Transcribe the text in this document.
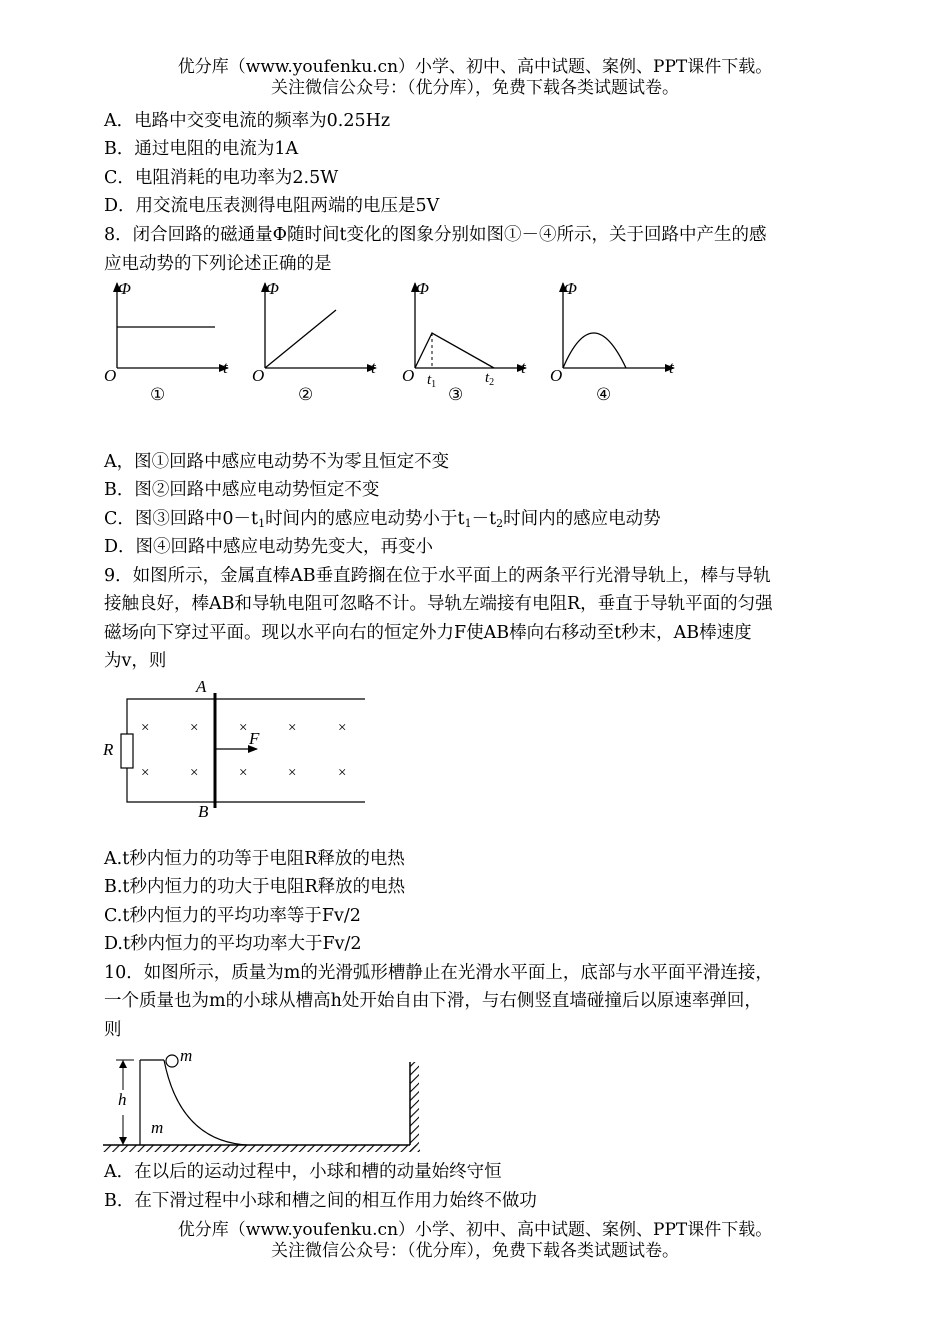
优分库（www.youfenku.cn）小学、初中、高中试题、案例、PPT课件下载。
关注微信公众号：（优分库），免费下载各类试题试卷。
A．电路中交变电流的频率为0.25Hz
B．通过电阻的电流为1A
C．电阻消耗的电功率为2.5W
D．用交流电压表测得电阻两端的电压是5V
8．闭合回路的磁通量Φ随时间t变化的图象分别如图①－④所示，关于回路中产生的感
应电动势的下列论述正确的是
Φ
t
O
①
Φ
t
O
②
Φ
t
O $t_1$	$t_2$
③
Φ
t
O
④
A，图①回路中感应电动势不为零且恒定不变
B．图②回路中感应电动势恒定不变
C．图③回路中$0-t_1$时间内的感应电动势小于$t_1-t_2$时间内的感应电动势
D．图④回路中感应电动势先变大，再变小
9．如图所示，金属直棒AB垂直跨搁在位于水平面上的两条平行光滑导轨上，棒与导轨
接触良好，棒AB和导轨电阻可忽略不计。导轨左端接有电阻R，垂直于导轨平面的匀强
磁场向下穿过平面。现以水平向右的恒定外力F使AB棒向右移动至t秒末，AB棒速度
为v，则
×	×	×	×	×
×	×	×	×	×
A
B
R
F
A.t秒内恒力的功等于电阻R释放的电热
B.t秒内恒力的功大于电阻R释放的电热
C.t秒内恒力的平均功率等于Fv/2
D.t秒内恒力的平均功率大于Fv/2
10．如图所示，质量为m的光滑弧形槽静止在光滑水平面上，底部与水平面平滑连接，
一个质量也为m的小球从槽高h处开始自由下滑，与右侧竖直墙碰撞后以原速率弹回，
则
h
m
m
A．在以后的运动过程中，小球和槽的动量始终守恒
B．在下滑过程中小球和槽之间的相互作用力始终不做功
优分库（www.youfenku.cn）小学、初中、高中试题、案例、PPT课件下载。
关注微信公众号：（优分库），免费下载各类试题试卷。
